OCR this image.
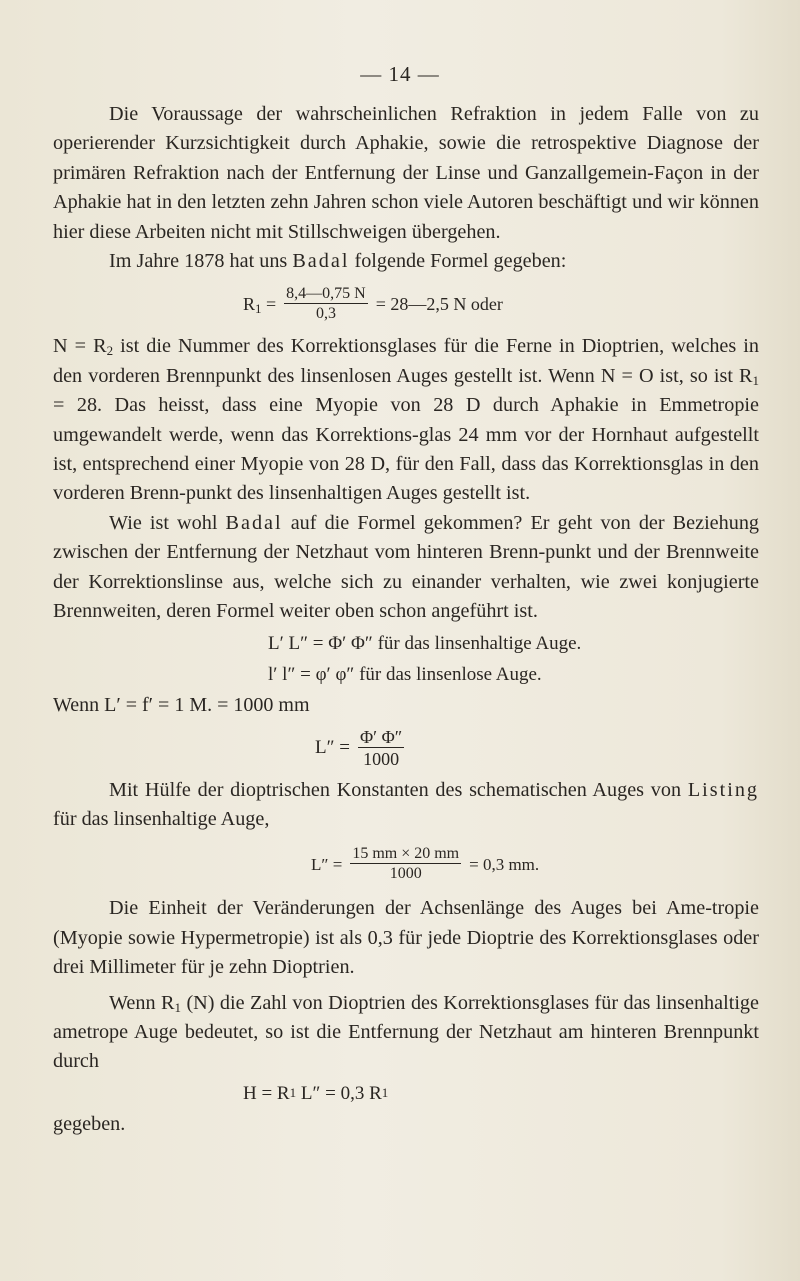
— 14 —

Die Voraussage der wahrscheinlichen Refraktion in jedem Falle von zu operierender Kurzsichtigkeit durch Aphakie, sowie die retrospektive Diagnose der primären Refraktion nach der Entfernung der Linse und Ganzallgemein-Façon in der Aphakie hat in den letzten zehn Jahren schon viele Autoren beschäftigt und wir können hier diese Arbeiten nicht mit Stillschweigen übergehen.

Im Jahre 1878 hat uns Badal folgende Formel gegeben:

$R_1 = \frac{8,4—0,75 N}{0,3}$ = 28—2,5 N oder

$N = R_2$ ist die Nummer des Korrektionsglases für die Ferne in Dioptrien, welches in den vorderen Brennpunkt des linsenlosen Auges gestellt ist. Wenn N = O ist, so ist $R_1 = 28$. Das heisst, dass eine Myopie von 28 D durch Aphakie in Emmetropie umgewandelt werde, wenn das Korrektions-glas 24 mm vor der Hornhaut aufgestellt ist, entsprechend einer Myopie von 28 D, für den Fall, dass das Korrektionsglas in den vorderen Brenn-punkt des linsenhaltigen Auges gestellt ist.

Wie ist wohl Badal auf die Formel gekommen? Er geht von der Beziehung zwischen der Entfernung der Netzhaut vom hinteren Brenn-punkt und der Brennweite der Korrektionslinse aus, welche sich zu einander verhalten, wie zwei konjugierte Brennweiten, deren Formel weiter oben schon angeführt ist.

L′ L″ = Φ′ Φ″ für das linsenhaltige Auge.
l′ l″ = φ′ φ″ für das linsenlose Auge.
Wenn L′ = f′ = 1 M. = 1000 mm
$L'' = \frac{\Phi' \Phi''}{1000}$

Mit Hülfe der dioptrischen Konstanten des schematischen Auges von Listing für das linsenhaltige Auge,

$L'' = \frac{15 mm \times 20 mm}{1000} = 0,3$ mm.

Die Einheit der Veränderungen der Achsenlänge des Auges bei Ame-tropie (Myopie sowie Hypermetropie) ist als 0,3 für jede Dioptrie des Korrektionsglases oder drei Millimeter für je zehn Dioptrien.

Wenn $R_1$ (N) die Zahl von Dioptrien des Korrektionsglases für das linsenhaltige ametrope Auge bedeutet, so ist die Entfernung der Netzhaut am hinteren Brennpunkt durch

H = R 1
L″ = 0,3 R 1

gegeben.
